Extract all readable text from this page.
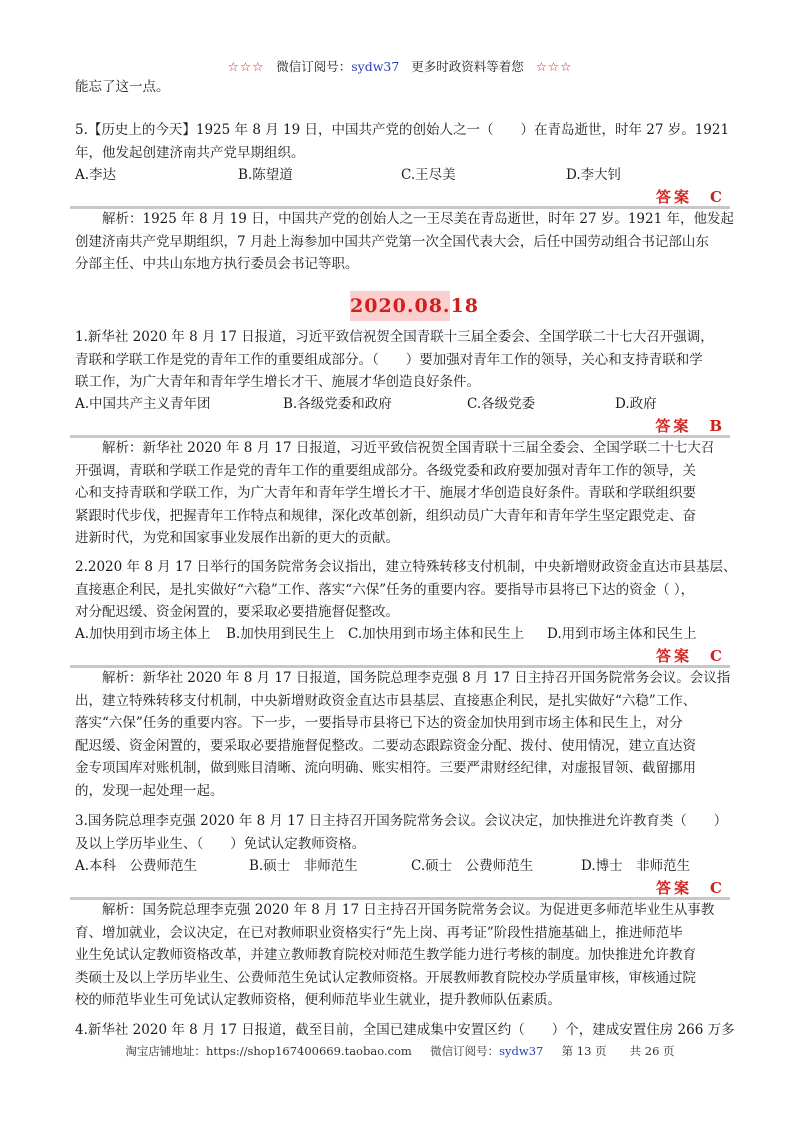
☆☆☆ 微信订阅号：sydw37 更多时政资料等着您 ☆☆☆
能忘了这一点。
5.【历史上的今天】1925 年 8 月 19 日，中国共产党的创始人之一（　　）在青岛逝世，时年 27 岁。1921
年，他发起创建济南共产党早期组织。
A.李达	B.陈望道	C.王尽美	D.李大钊
答案　C
解析：1925 年 8 月 19 日，中国共产党的创始人之一王尽美在青岛逝世，时年 27 岁。1921 年，他发起
创建济南共产党早期组织，7 月赴上海参加中国共产党第一次全国代表大会，后任中国劳动组合书记部山东
分部主任、中共山东地方执行委员会书记等职。
2020.08.18
1.新华社 2020 年 8 月 17 日报道，习近平致信祝贺全国青联十三届全委会、全国学联二十七大召开强调，
青联和学联工作是党的青年工作的重要组成部分。（　　）要加强对青年工作的领导，关心和支持青联和学
联工作，为广大青年和青年学生增长才干、施展才华创造良好条件。
A.中国共产主义青年团	B.各级党委和政府	C.各级党委	D.政府
答案　B
解析：新华社 2020 年 8 月 17 日报道，习近平致信祝贺全国青联十三届全委会、全国学联二十七大召
开强调，青联和学联工作是党的青年工作的重要组成部分。各级党委和政府要加强对青年工作的领导，关
心和支持青联和学联工作，为广大青年和青年学生增长才干、施展才华创造良好条件。青联和学联组织要
紧跟时代步伐，把握青年工作特点和规律，深化改革创新，组织动员广大青年和青年学生坚定跟党走、奋
进新时代，为党和国家事业发展作出新的更大的贡献。
2.2020 年 8 月 17 日举行的国务院常务会议指出，建立特殊转移支付机制，中央新增财政资金直达市县基层、
直接惠企利民，是扎实做好“六稳”工作、落实“六保”任务的重要内容。要指导市县将已下达的资金（ ），
对分配迟缓、资金闲置的，要采取必要措施督促整改。
A.加快用到市场主体上 B.加快用到民生上 C.加快用到市场主体和民生上 D.用到市场主体和民生上
答案　C
解析：新华社 2020 年 8 月 17 日报道，国务院总理李克强 8 月 17 日主持召开国务院常务会议。会议指
出，建立特殊转移支付机制，中央新增财政资金直达市县基层、直接惠企利民，是扎实做好“六稳”工作、
落实“六保”任务的重要内容。下一步，一要指导市县将已下达的资金加快用到市场主体和民生上，对分
配迟缓、资金闲置的，要采取必要措施督促整改。二要动态跟踪资金分配、拨付、使用情况，建立直达资
金专项国库对账机制，做到账目清晰、流向明确、账实相符。三要严肃财经纪律，对虚报冒领、截留挪用
的，发现一起处理一起。
3.国务院总理李克强 2020 年 8 月 17 日主持召开国务院常务会议。会议决定，加快推进允许教育类（　　）
及以上学历毕业生、（　　）免试认定教师资格。
A.本科　公费师范生	B.硕士　非师范生	C.硕士　公费师范生	D.博士　非师范生
答案　C
解析：国务院总理李克强 2020 年 8 月 17 日主持召开国务院常务会议。为促进更多师范毕业生从事教
育、增加就业，会议决定，在已对教师职业资格实行“先上岗、再考证”阶段性措施基础上，推进师范毕
业生免试认定教师资格改革，并建立教师教育院校对师范生教学能力进行考核的制度。加快推进允许教育
类硕士及以上学历毕业生、公费师范生免试认定教师资格。开展教师教育院校办学质量审核，审核通过院
校的师范毕业生可免试认定教师资格，便利师范毕业生就业，提升教师队伍素质。
4.新华社 2020 年 8 月 17 日报道，截至目前，全国已建成集中安置区约（　　）个，建成安置住房 266 万多
淘宝店铺地址：https://shop167400669.taobao.com 微信订阅号：sydw37 第 13 页　　共 26 页
